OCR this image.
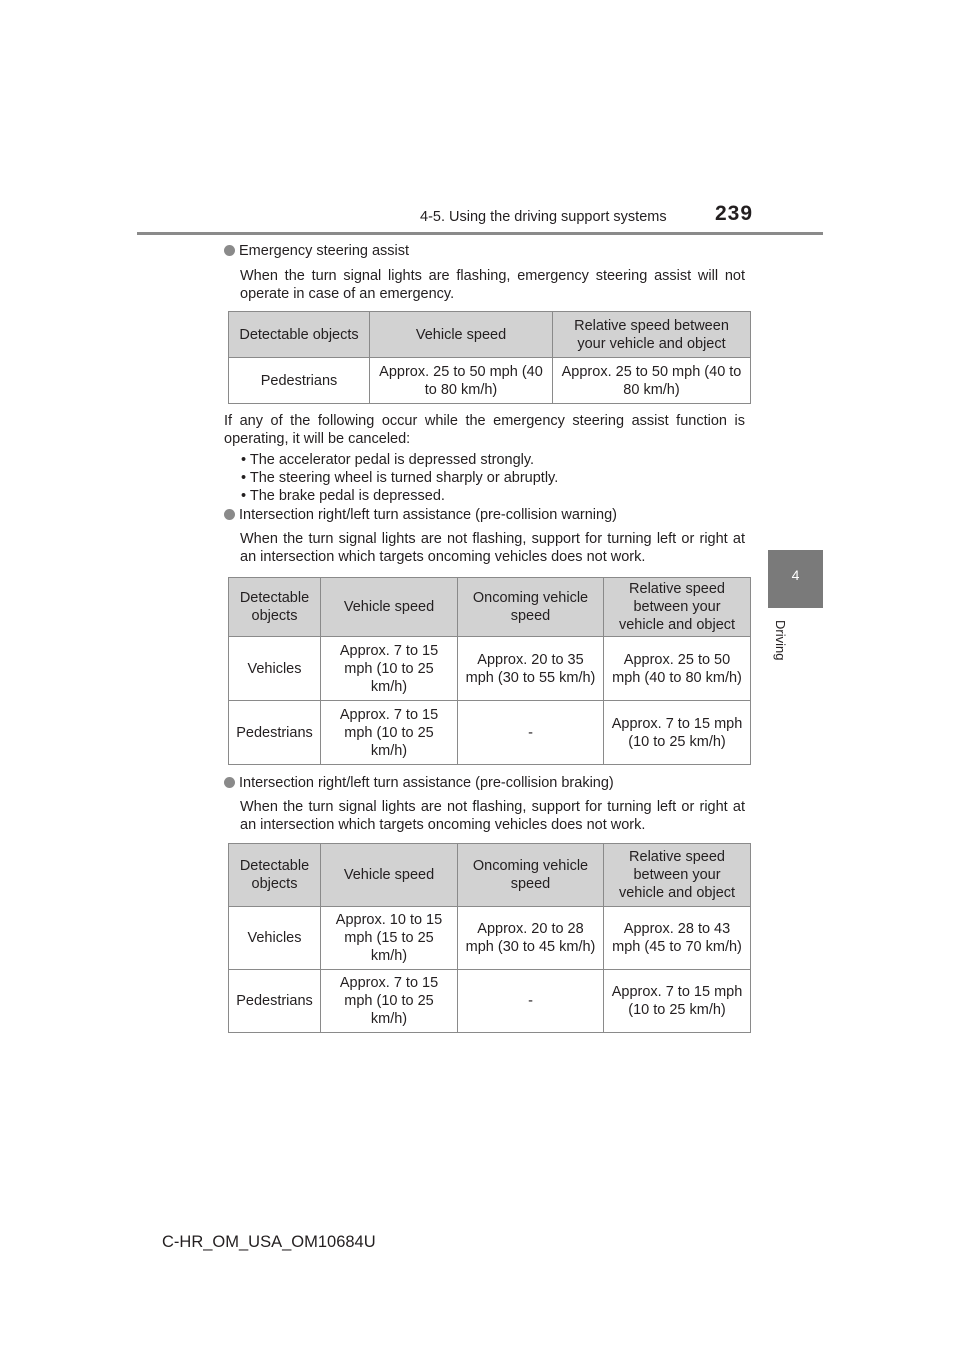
4-5. Using the driving support systems 239
4
Driving
Emergency steering assist
When the turn signal lights are flashing, emergency steering assist will not operate in case of an emergency.
Detectable objects	Vehicle speed	Relative speed between your vehicle and object
Pedestrians	Approx. 25 to 50 mph (40 to 80 km/h)	Approx. 25 to 50 mph (40 to 80 km/h)
If any of the following occur while the emergency steering assist function is operating, it will be canceled:
• The accelerator pedal is depressed strongly.
• The steering wheel is turned sharply or abruptly.
• The brake pedal is depressed.
Intersection right/left turn assistance (pre-collision warning)
When the turn signal lights are not flashing, support for turning left or right at an intersection which targets oncoming vehicles does not work.
Detectable objects	Vehicle speed	Oncoming vehicle speed	Relative speed between your vehicle and object
Vehicles	Approx. 7 to 15 mph (10 to 25 km/h)	Approx. 20 to 35 mph (30 to 55 km/h)	Approx. 25 to 50 mph (40 to 80 km/h)
Pedestrians	Approx. 7 to 15 mph (10 to 25 km/h)	-	Approx. 7 to 15 mph (10 to 25 km/h)
Intersection right/left turn assistance (pre-collision braking)
When the turn signal lights are not flashing, support for turning left or right at an intersection which targets oncoming vehicles does not work.
Detectable objects	Vehicle speed	Oncoming vehicle speed	Relative speed between your vehicle and object
Vehicles	Approx. 10 to 15 mph (15 to 25 km/h)	Approx. 20 to 28 mph (30 to 45 km/h)	Approx. 28 to 43 mph (45 to 70 km/h)
Pedestrians	Approx. 7 to 15 mph (10 to 25 km/h)	-	Approx. 7 to 15 mph (10 to 25 km/h)
C-HR_OM_USA_OM10684U
